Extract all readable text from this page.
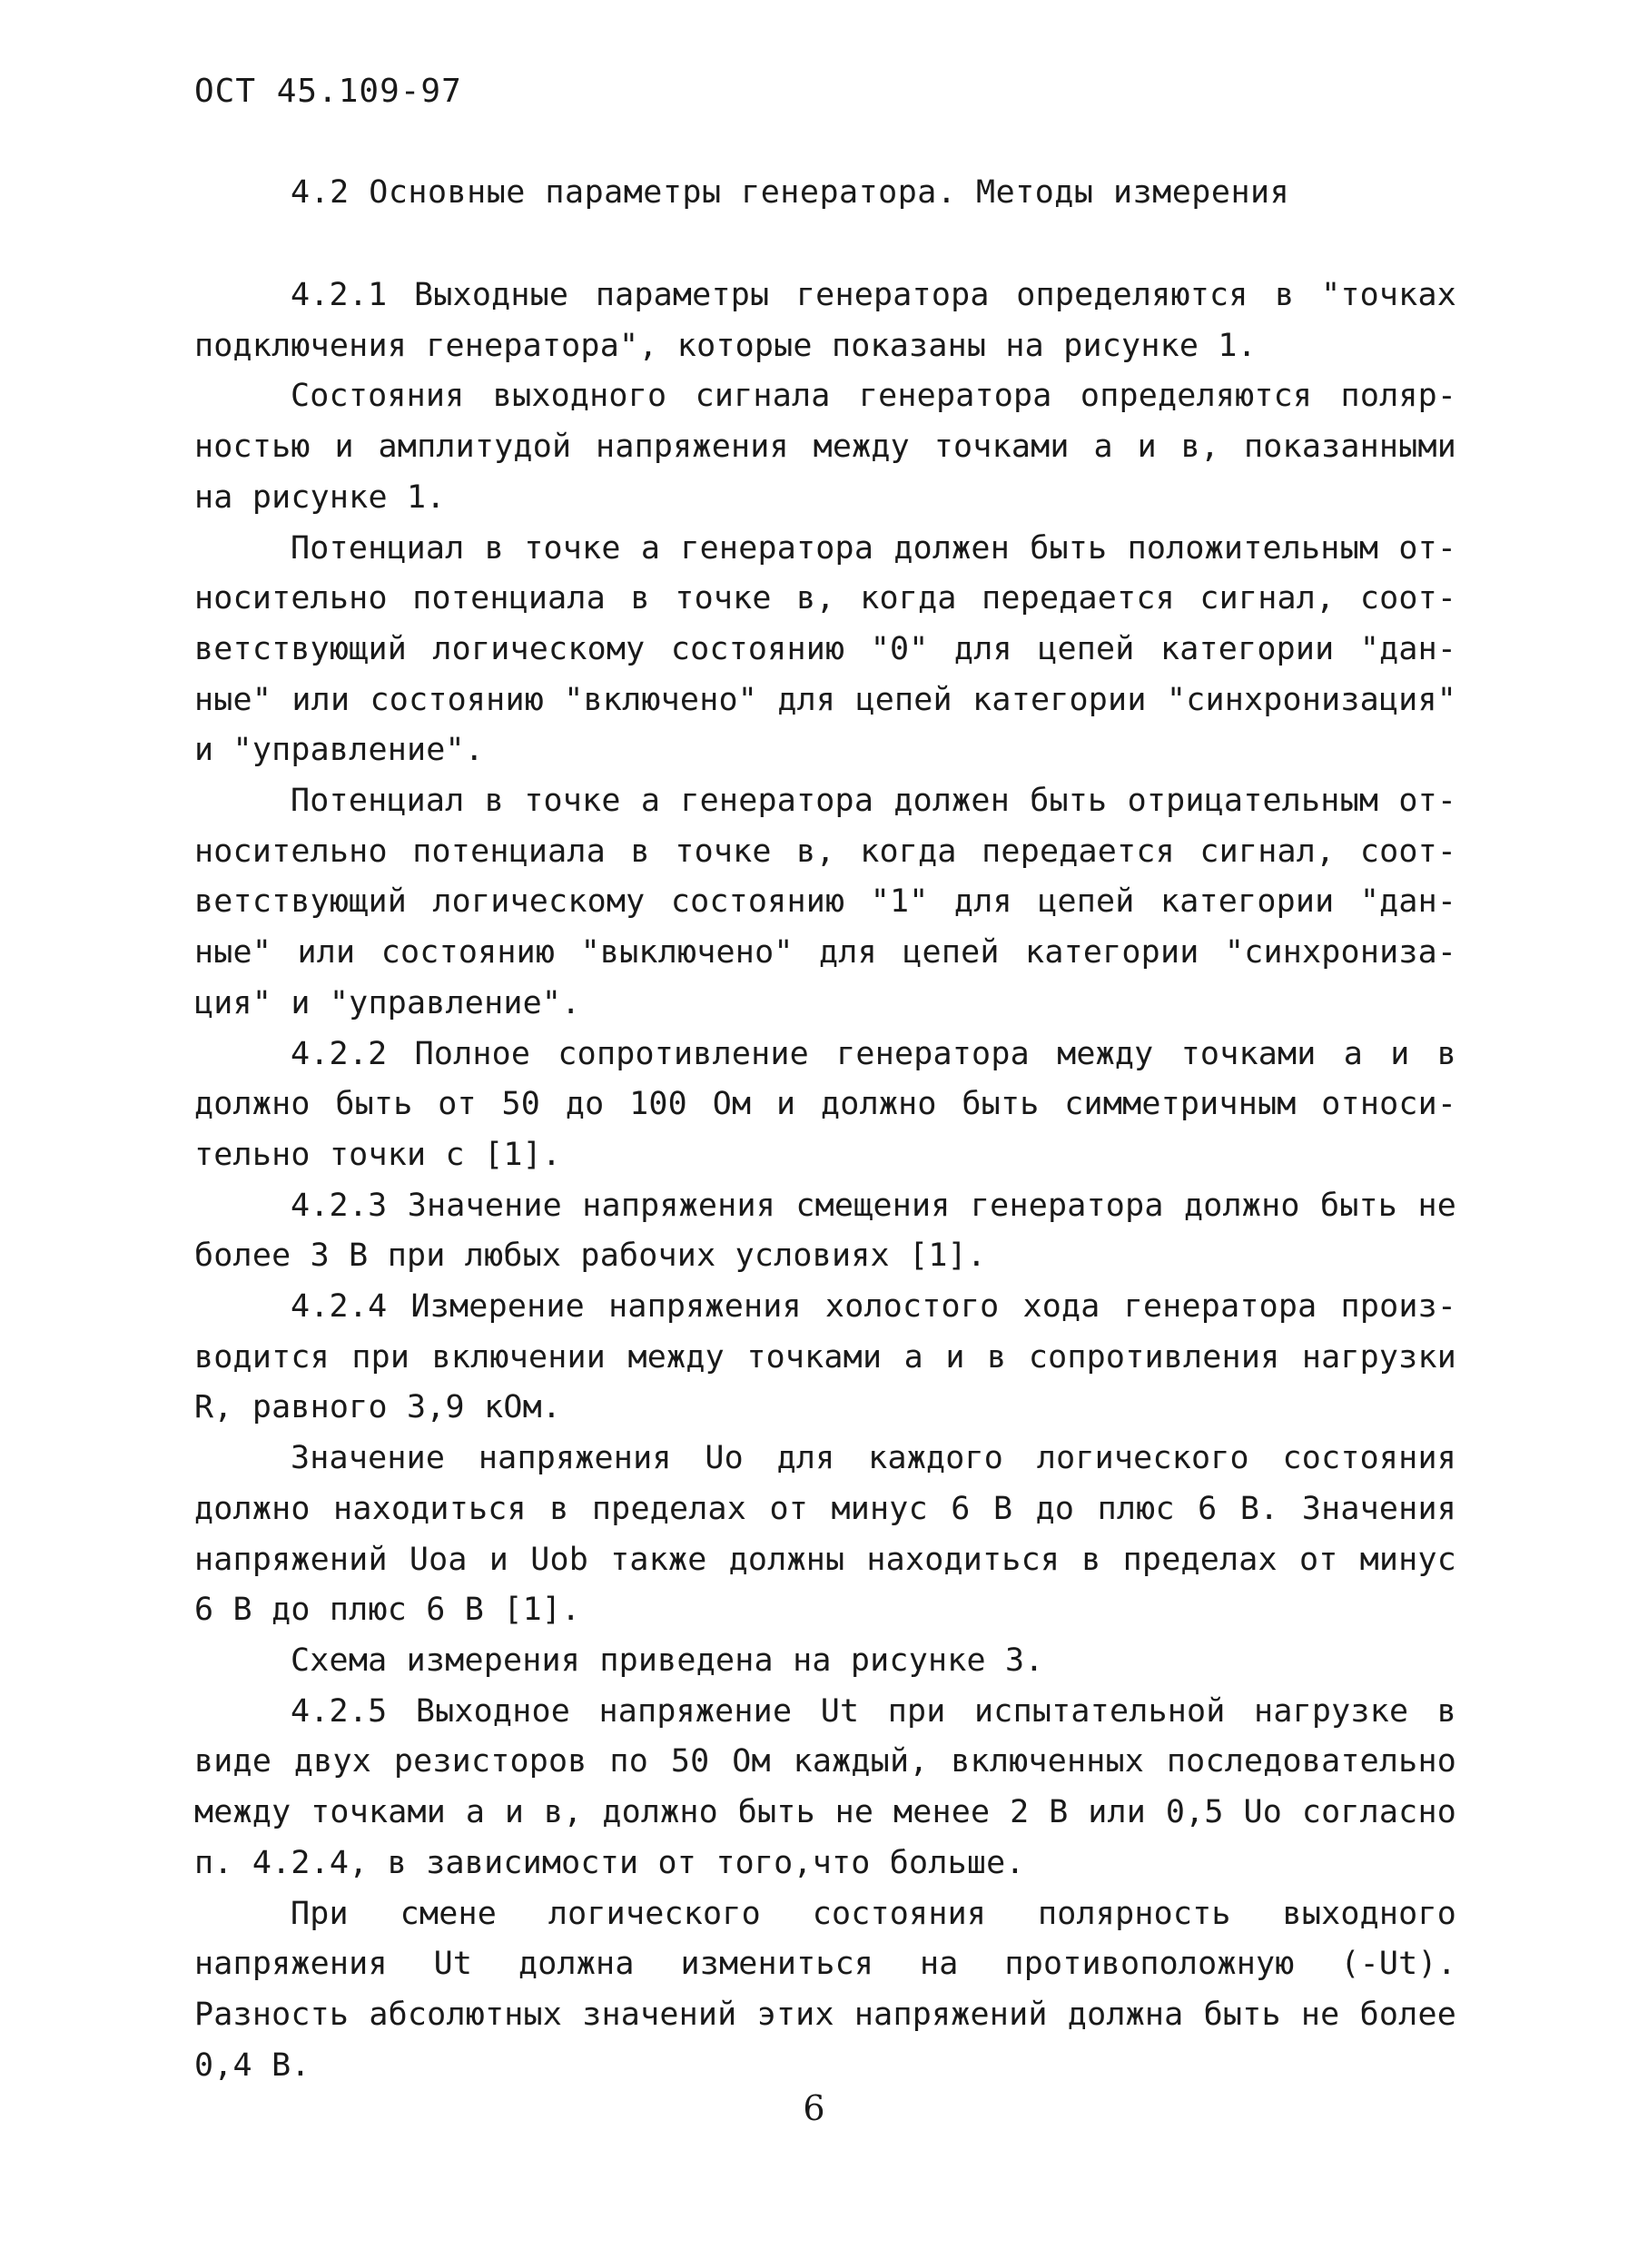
ОСТ 45.109-97
4.2 Основные параметры генератора. Методы измерения

4.2.1 Выходные параметры генератора определяются в "точках подключения генератора", которые показаны на рисунке 1.

Состояния выходного сигнала генератора определяются полярностью и амплитудой напряжения между точками а и в, показанными на рисунке 1.

Потенциал в точке а генератора должен быть положительным относительно потенциала в точке в, когда передается сигнал, соответствующий логическому состоянию "0" для цепей категории "данные" или состоянию "включено" для цепей категории "синхронизация" и "управление".

Потенциал в точке а генератора должен быть отрицательным относительно потенциала в точке в, когда передается сигнал, соответствующий логическому состоянию "1" для цепей категории "данные" или состоянию "выключено" для цепей категории "синхронизация" и "управление".

4.2.2 Полное сопротивление генератора между точками а и в должно быть от 50 до 100 Ом и должно быть симметричным относительно точки с [1].

4.2.3 Значение напряжения смещения генератора должно быть не более 3 В при любых рабочих условиях [1].

4.2.4 Измерение напряжения холостого хода генератора производится при включении между точками а и в сопротивления нагрузки R, равного 3,9 кОм.

Значение напряжения Uо для каждого логического состояния должно находиться в пределах от минус 6 В до плюс 6 В. Значения напряжений Uоа и Uоb также должны находиться в пределах от минус 6 В до плюс 6 В [1].

Схема измерения приведена на рисунке 3.

4.2.5 Выходное напряжение Ut при испытательной нагрузке в виде двух резисторов по 50 Ом каждый, включенных последовательно между точками а и в, должно быть не менее 2 В или 0,5 Uо согласно п. 4.2.4, в зависимости от того,что больше.

При смене логического состояния полярность выходного напряжения Ut должна измениться на противоположную (-Ut). Разность абсолютных значений этих напряжений должна быть не более 0,4 В.

6
